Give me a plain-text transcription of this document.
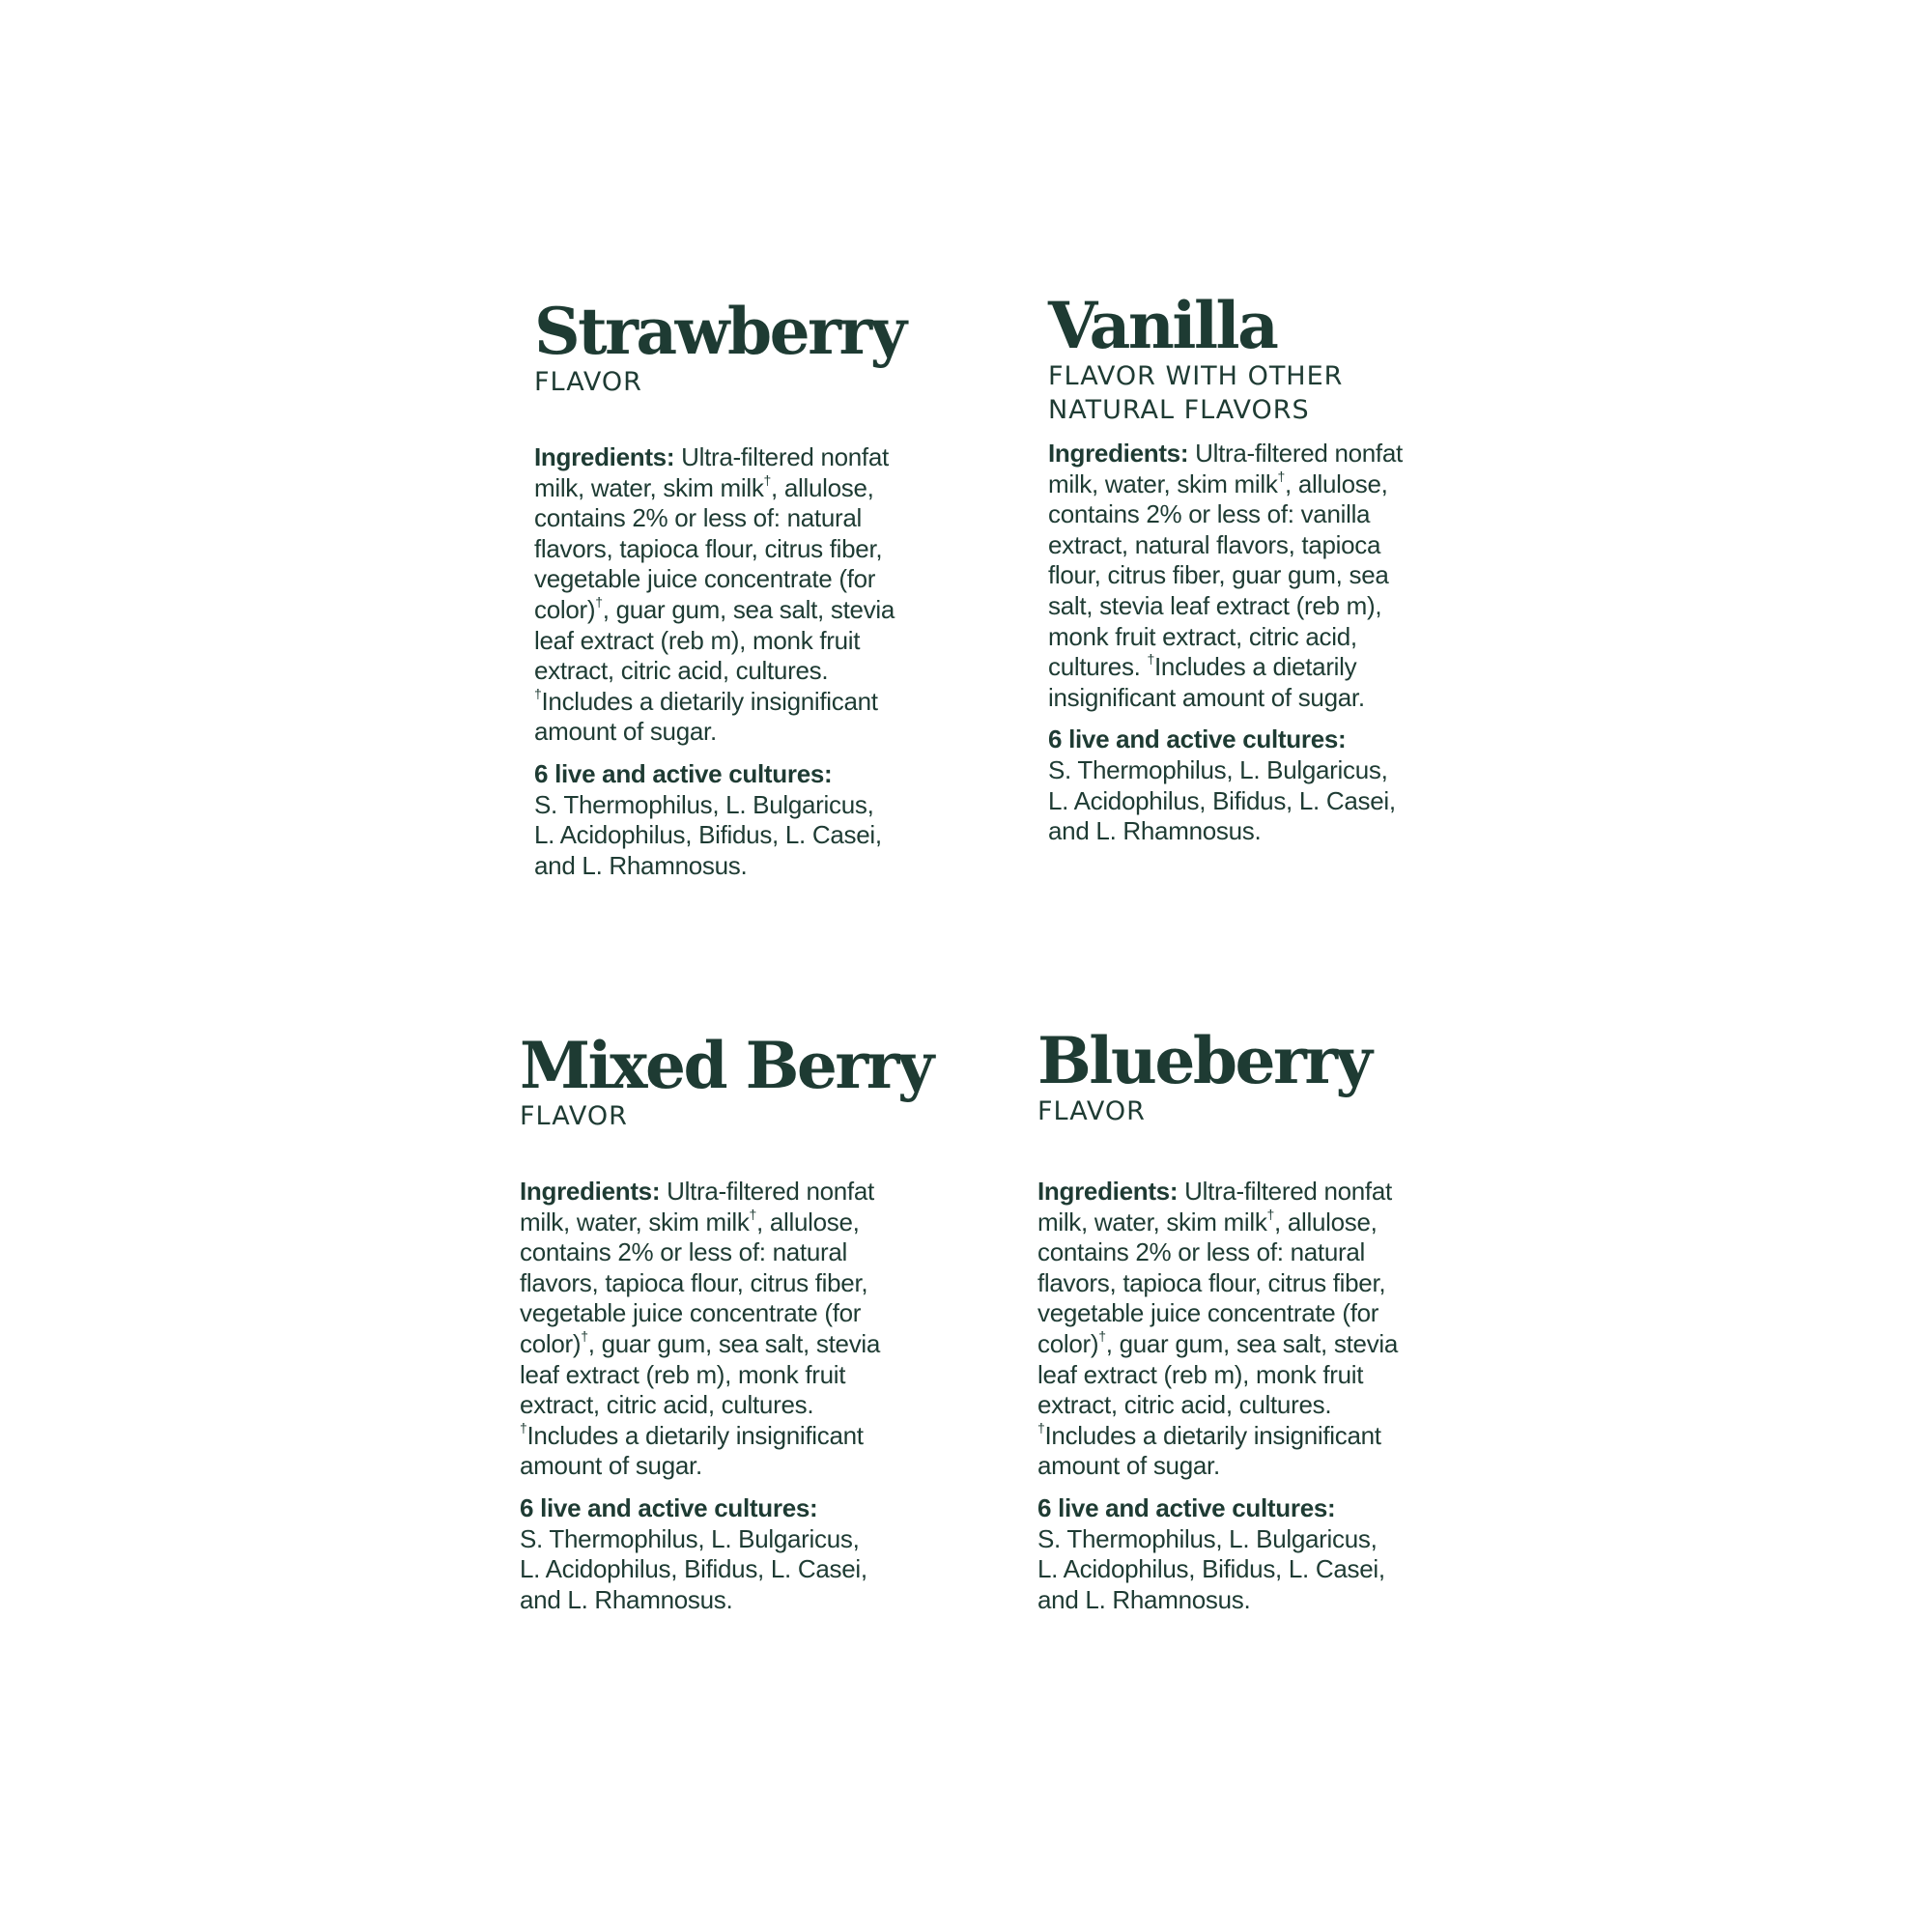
Strawberry
FLAVOR
Ingredients: Ultra-filtered nonfat
milk, water, skim milk†, allulose,
contains 2% or less of: natural
flavors, tapioca flour, citrus fiber,
vegetable juice concentrate (for
color)†, guar gum, sea salt, stevia
leaf extract (reb m), monk fruit
extract, citric acid, cultures.
†Includes a dietarily insignificant
amount of sugar.
6 live and active cultures:
S. Thermophilus, L. Bulgaricus,
L. Acidophilus, Bifidus, L. Casei,
and L. Rhamnosus.
Vanilla
FLAVOR WITH OTHER
NATURAL FLAVORS
Ingredients: Ultra-filtered nonfat
milk, water, skim milk†, allulose,
contains 2% or less of: vanilla
extract, natural flavors, tapioca
flour, citrus fiber, guar gum, sea
salt, stevia leaf extract (reb m),
monk fruit extract, citric acid,
cultures. †Includes a dietarily
insignificant amount of sugar.
6 live and active cultures:
S. Thermophilus, L. Bulgaricus,
L. Acidophilus, Bifidus, L. Casei,
and L. Rhamnosus.
Mixed Berry
FLAVOR
Ingredients: Ultra-filtered nonfat
milk, water, skim milk†, allulose,
contains 2% or less of: natural
flavors, tapioca flour, citrus fiber,
vegetable juice concentrate (for
color)†, guar gum, sea salt, stevia
leaf extract (reb m), monk fruit
extract, citric acid, cultures.
†Includes a dietarily insignificant
amount of sugar.
6 live and active cultures:
S. Thermophilus, L. Bulgaricus,
L. Acidophilus, Bifidus, L. Casei,
and L. Rhamnosus.
Blueberry
FLAVOR
Ingredients: Ultra-filtered nonfat
milk, water, skim milk†, allulose,
contains 2% or less of: natural
flavors, tapioca flour, citrus fiber,
vegetable juice concentrate (for
color)†, guar gum, sea salt, stevia
leaf extract (reb m), monk fruit
extract, citric acid, cultures.
†Includes a dietarily insignificant
amount of sugar.
6 live and active cultures:
S. Thermophilus, L. Bulgaricus,
L. Acidophilus, Bifidus, L. Casei,
and L. Rhamnosus.
